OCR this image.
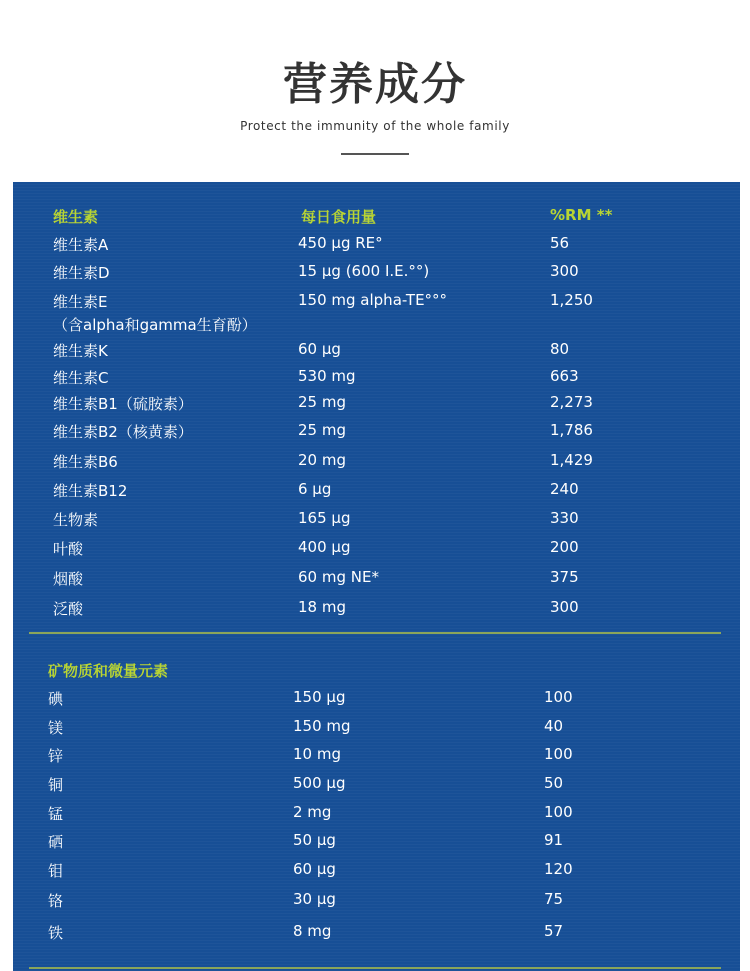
营养成分
Protect the immunity of the whole family
维生素	每日食用量	%RM **
维生素A	450 µg RE°	56
维生素D	15 µg (600 I.E.°°)	300
维生素E	150 mg alpha-TE°°°	1,250
（含alpha和gamma生育酚）
维生素K	60 µg	80
维生素C	530 mg	663
维生素B1（硫胺素）	25 mg	2,273
维生素B2（核黄素）	25 mg	1,786
维生素B6	20 mg	1,429
维生素B12	6 µg	240
生物素	165 µg	330
叶酸	400 µg	200
烟酸	60 mg NE*	375
泛酸	18 mg	300
矿物质和微量元素
碘	150 µg	100
镁	150 mg	40
锌	10 mg	100
铜	500 µg	50
锰	2 mg	100
硒	50 µg	91
钼	60 µg	120
铬	30 µg	75
铁	8 mg	57
